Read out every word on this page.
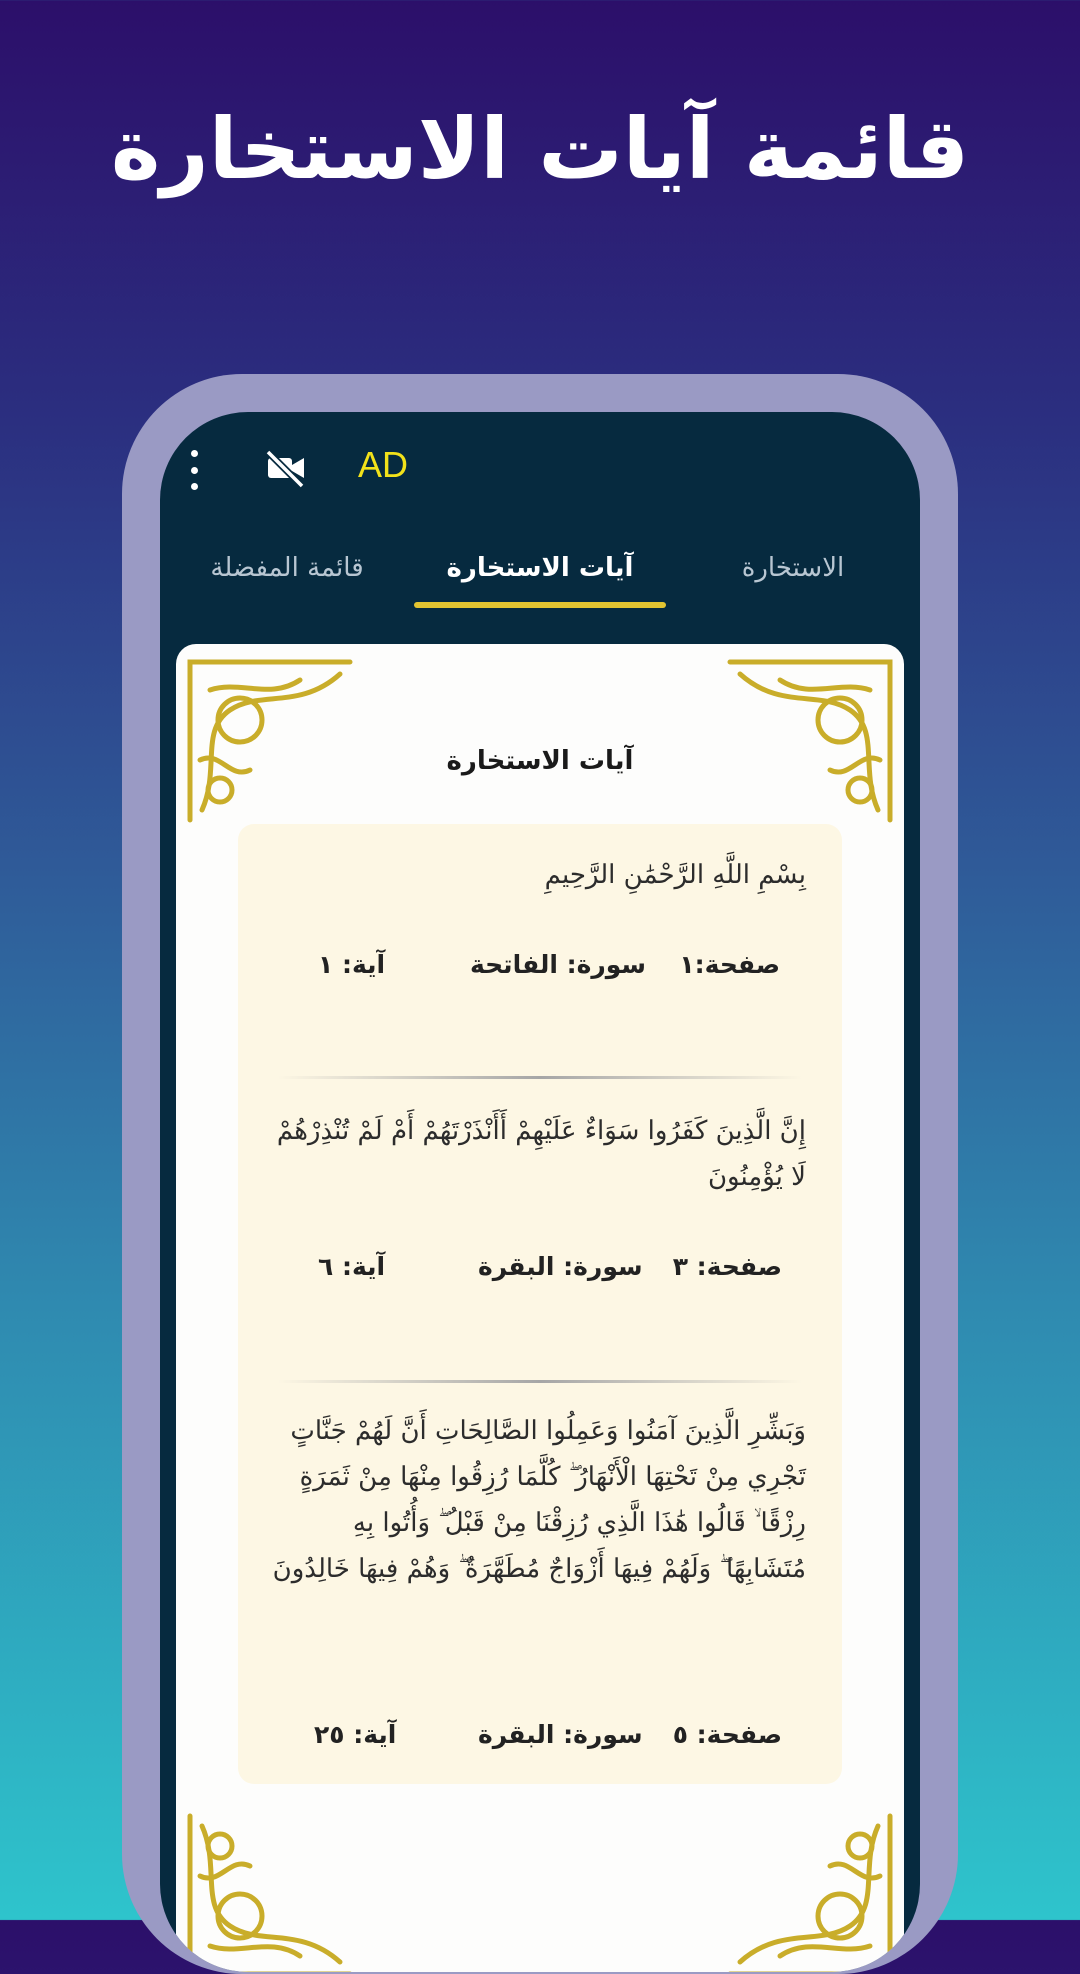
قائمة آيات الاستخارة
AD
قائمة المفضلة	آيات الاستخارة	الاستخارة
آيات الاستخارة
بِسْمِ اللَّهِ الرَّحْمَٰنِ الرَّحِيمِ
صفحة:١
سورة: الفاتحة
آية: ١
إِنَّ الَّذِينَ كَفَرُوا سَوَاءٌ عَلَيْهِمْ أَأَنْذَرْتَهُمْ أَمْ لَمْ تُنْذِرْهُمْ لَا يُؤْمِنُونَ
صفحة: ٣
سورة: البقرة
آية: ٦
وَبَشِّرِ الَّذِينَ آمَنُوا وَعَمِلُوا الصَّالِحَاتِ أَنَّ لَهُمْ جَنَّاتٍ تَجْرِي مِنْ تَحْتِهَا الْأَنْهَارُ ۖ كُلَّمَا رُزِقُوا مِنْهَا مِنْ ثَمَرَةٍ رِزْقًا ۙ قَالُوا هَٰذَا الَّذِي رُزِقْنَا مِنْ قَبْلُ ۖ وَأُتُوا بِهِ مُتَشَابِهًا ۖ وَلَهُمْ فِيهَا أَزْوَاجٌ مُطَهَّرَةٌ ۖ وَهُمْ فِيهَا خَالِدُونَ
صفحة: ٥
سورة: البقرة
آية: ٢٥
